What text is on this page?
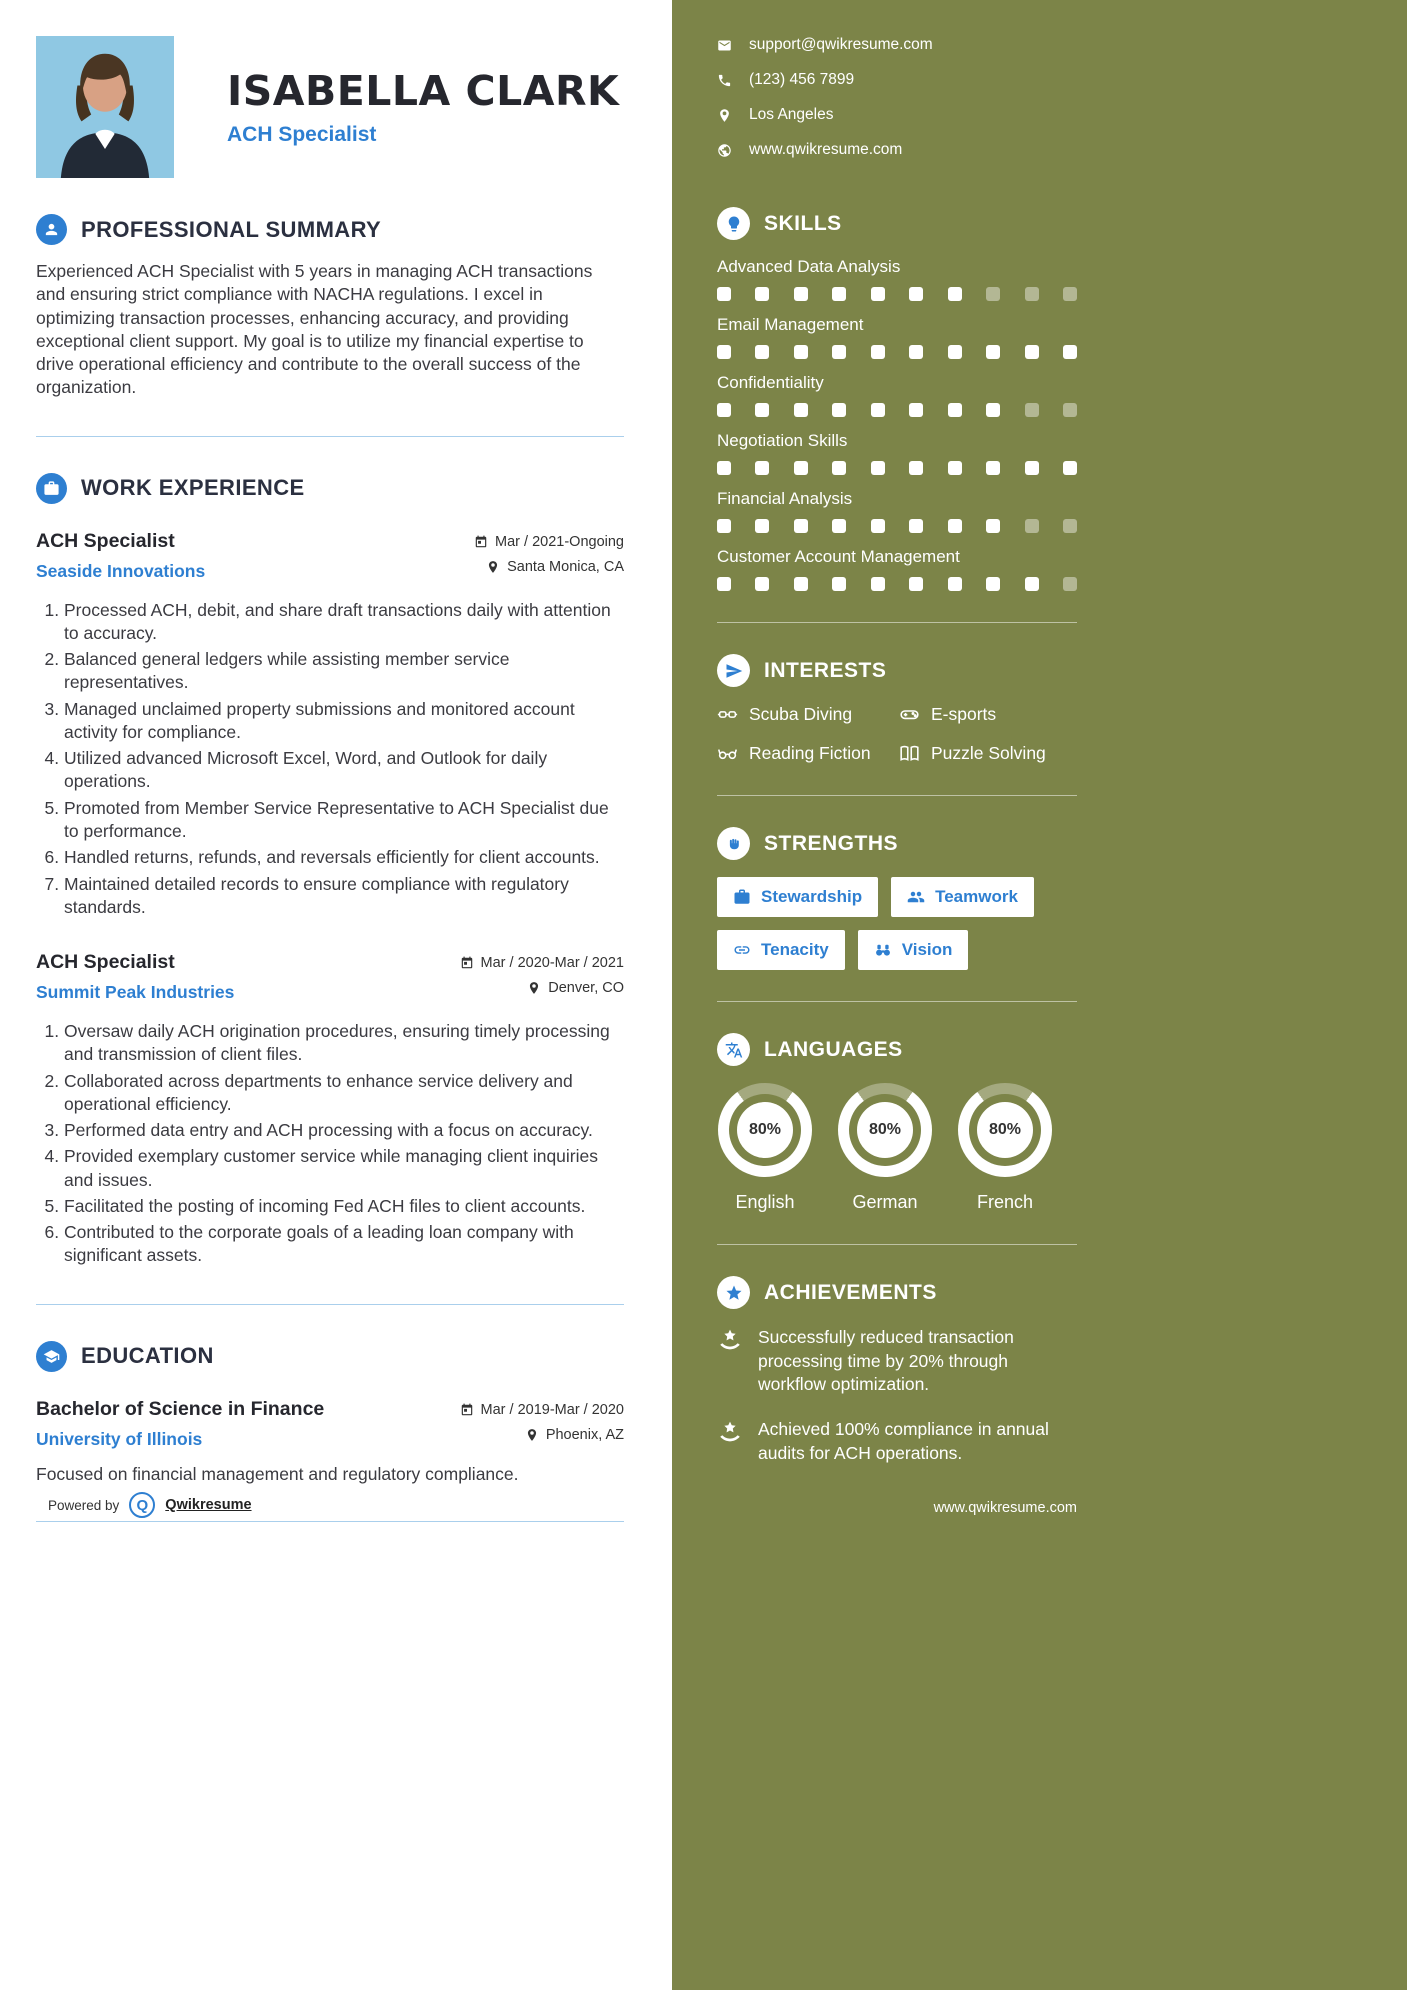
ISABELLA CLARK
ACH Specialist
PROFESSIONAL SUMMARY

Experienced ACH Specialist with 5 years in managing ACH transactions and ensuring strict compliance with NACHA regulations. I excel in optimizing transaction processes, enhancing accuracy, and providing exceptional client support. My goal is to utilize my financial expertise to drive operational efficiency and contribute to the overall success of the organization.

WORK EXPERIENCE
ACH Specialist
Seaside Innovations
Mar / 2021-Ongoing
Santa Monica, CA
1. Processed ACH, debit, and share draft transactions daily with attention to accuracy.
2. Balanced general ledgers while assisting member service representatives.
3. Managed unclaimed property submissions and monitored account activity for compliance.
4. Utilized advanced Microsoft Excel, Word, and Outlook for daily operations.
5. Promoted from Member Service Representative to ACH Specialist due to performance.
6. Handled returns, refunds, and reversals efficiently for client accounts.
7. Maintained detailed records to ensure compliance with regulatory standards.
ACH Specialist
Summit Peak Industries
Mar / 2020-Mar / 2021
Denver, CO
1. Oversaw daily ACH origination procedures, ensuring timely processing and transmission of client files.
2. Collaborated across departments to enhance service delivery and operational efficiency.
3. Performed data entry and ACH processing with a focus on accuracy.
4. Provided exemplary customer service while managing client inquiries and issues.
5. Facilitated the posting of incoming Fed ACH files to client accounts.
6. Contributed to the corporate goals of a leading loan company with significant assets.
EDUCATION
Bachelor of Science in Finance
University of Illinois
Mar / 2019-Mar / 2020
Phoenix, AZ

Focused on financial management and regulatory compliance.

support@qwikresume.com
(123) 456 7899
Los Angeles
www.qwikresume.com
SKILLS
Advanced Data Analysis
Email Management
Confidentiality
Negotiation Skills
Financial Analysis
Customer Account Management
INTERESTS
Scuba Diving	E-sports
Reading Fiction	Puzzle Solving
STRENGTHS
Stewardship	Teamwork
Tenacity	Vision
LANGUAGES
80%
English
80%
German
80%
French
ACHIEVEMENTS
Successfully reduced transaction processing time by 20% through workflow optimization.
Achieved 100% compliance in annual audits for ACH operations.
Powered by	Q	Qwikresume	www.qwikresume.com
